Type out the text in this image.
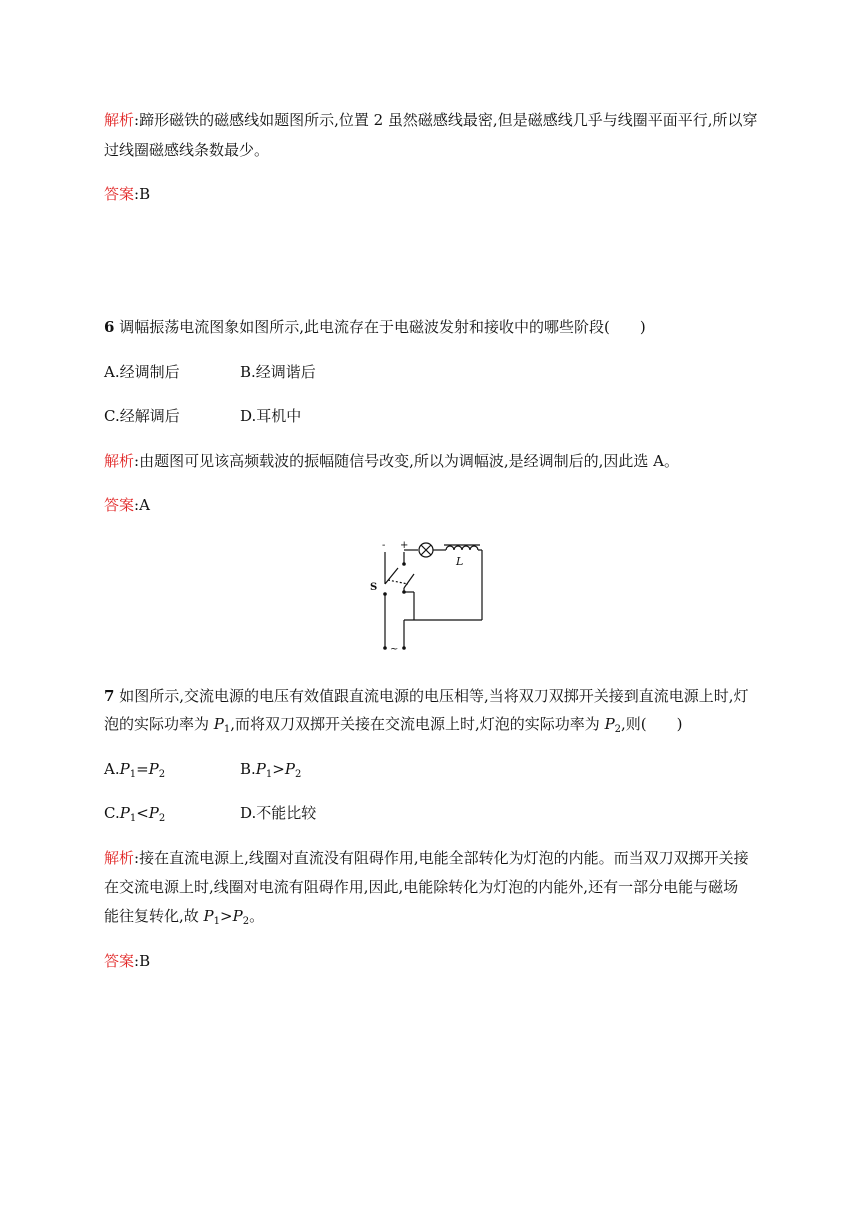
解析:蹄形磁铁的磁感线如题图所示,位置 2 虽然磁感线最密,但是磁感线几乎与线圈平面平行,所以穿
过线圈磁感线条数最少。
答案:B
6 调幅振荡电流图象如图所示,此电流存在于电磁波发射和接收中的哪些阶段(　　)
A.经调制后	B.经调谐后
C.经解调后	D.耳机中
解析:由题图可见该高频载波的振幅随信号改变,所以为调幅波,是经调制后的,因此选 A。
答案:A
- +
S
L
~
7 如图所示,交流电源的电压有效值跟直流电源的电压相等,当将双刀双掷开关接到直流电源上时,灯
泡的实际功率为 $P_1$,而将双刀双掷开关接在交流电源上时,灯泡的实际功率为 $P_2$,则(　　)
$A.P_1=P_2$	$B.P_1>P_2$
$C.P_1<P_2$	D.不能比较
解析:接在直流电源上,线圈对直流没有阻碍作用,电能全部转化为灯泡的内能。而当双刀双掷开关接
在交流电源上时,线圈对电流有阻碍作用,因此,电能除转化为灯泡的内能外,还有一部分电能与磁场
能往复转化,故 $P_1>P_2$。
答案:B
